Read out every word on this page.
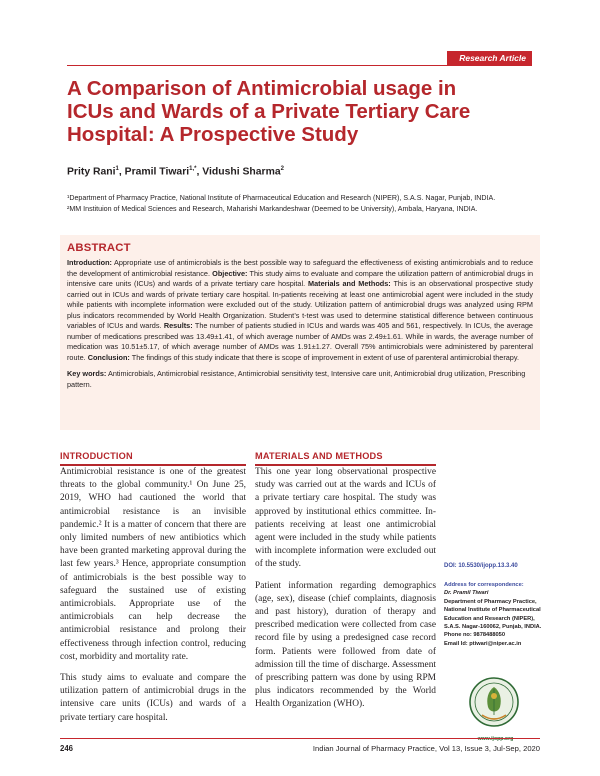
Research Article
A Comparison of Antimicrobial usage in ICUs and Wards of a Private Tertiary Care Hospital: A Prospective Study
Prity Rani$^1$, Pramil Tiwari$^{1,*}$, Vidushi Sharma$^2$

¹Department of Pharmacy Practice, National Institute of Pharmaceutical Education and Research (NIPER), S.A.S. Nagar, Punjab, INDIA.

²MM Instituion of Medical Sciences and Research, Maharishi Markandeshwar (Deemed to be University), Ambala, Haryana, INDIA.

ABSTRACT

Introduction: Appropriate use of antimicrobials is the best possible way to safeguard the effectiveness of existing antimicrobials and to reduce the development of antimicrobial resistance. Objective: This study aims to evaluate and compare the utilization pattern of antimicrobial drugs in intensive care units (ICUs) and wards of a private tertiary care hospital. Materials and Methods: This is an observational prospective study carried out in ICUs and wards of private tertiary care hospital. In-patients receiving at least one antimicrobial agent were included in the study while patients with incomplete information were excluded out of the study. Utilization pattern of antimicrobial drugs was analyzed using RPM plus indicators recommended by World Health Organization. Student’s t-test was used to determine statistical difference between continuous variables of ICUs and wards. Results: The number of patients studied in ICUs and wards was 405 and 561, respectively. In ICUs, the average number of medications prescribed was 13.49±1.41, of which average number of AMDs was 2.49±1.61. While in wards, the average number of medication was 10.51±5.17, of which average number of AMDs was 1.91±1.27. Overall 75% antimicrobials were administered by parenteral route. Conclusion: The findings of this study indicate that there is scope of improvement in extent of use of parenteral antimicrobial therapy.

Key words: Antimicrobials, Antimicrobial resistance, Antimicrobial sensitivity test, Intensive care unit, Antimicrobial drug utilization, Prescribing pattern.

INTRODUCTION

Antimicrobial resistance is one of the greatest threats to the global community.¹ On June 25, 2019, WHO had cautioned the world that antimicrobial resistance is an invisible pandemic.² It is a matter of concern that there are only limited numbers of new antibiotics which have been granted marketing approval during the last few years.³ Hence, appropriate consumption of antimicrobials is the best possible way to safeguard the sustained use of existing antimicrobials. Appropriate use of the antimicrobials can help decrease the antimicrobial resistance and prolong their effectiveness through infection control, reducing cost, morbidity and mortality rate.

This study aims to evaluate and compare the utilization pattern of antimicrobial drugs in the intensive care units (ICUs) and wards of a private tertiary care hospital.

MATERIALS AND METHODS

This one year long observational prospective study was carried out at the wards and ICUs of a private tertiary care hospital. The study was approved by institutional ethics committee. In-patients receiving at least one antimicrobial agent were included in the study while patients with incomplete information were excluded out of the study.

Patient information regarding demographics (age, sex), disease (chief complaints, diagnosis and past history), duration of therapy and prescribed medication were collected from case record file by using a predesigned case record form. Patients were followed from date of admission till the time of discharge. Assessment of prescribing pattern was done by using RPM plus indicators recommended by the World Health Organization (WHO).

DOI: 10.5530/ijopp.13.3.40

Address for correspondence:

Dr. Pramil Tiwari

Department of Pharmacy Practice, National Institute of Pharmaceutical Education and Research (NIPER), S.A.S. Nagar-160062, Punjab, INDIA.

Phone no: 9878488050

Email Id: ptiwari@niper.ac.in

www.ijopp.org
246	Indian Journal of Pharmacy Practice, Vol 13, Issue 3, Jul-Sep, 2020
